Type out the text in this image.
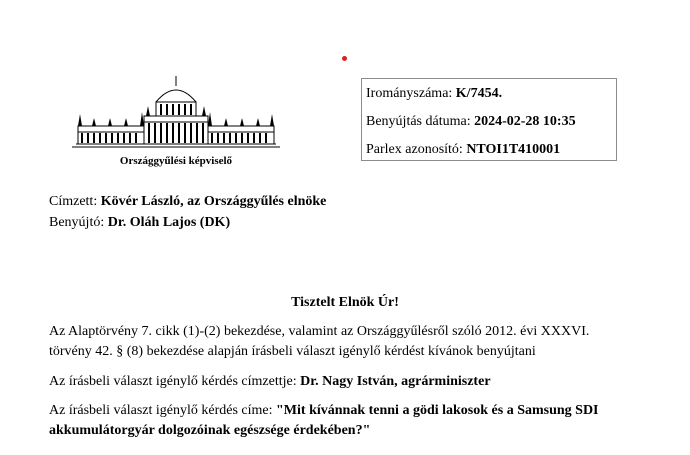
Országgyűlési képviselő
Irományszáma: K/7454.
Benyújtás dátuma: 2024-02-28 10:35
Parlex azonosító: NTOI1T410001
Címzett: Kövér László, az Országgyűlés elnöke
Benyújtó: Dr. Oláh Lajos (DK)
Tisztelt Elnök Úr!
Az Alaptörvény 7. cikk (1)-(2) bekezdése, valamint az Országgyűlésről szóló 2012. évi XXXVI.
törvény 42. § (8) bekezdése alapján írásbeli választ igénylő kérdést kívánok benyújtani
Az írásbeli választ igénylő kérdés címzettje: Dr. Nagy István, agrárminiszter
Az írásbeli választ igénylő kérdés címe: "Mit kívánnak tenni a gödi lakosok és a Samsung SDI
akkumulátorgyár dolgozóinak egészsége érdekében?"
